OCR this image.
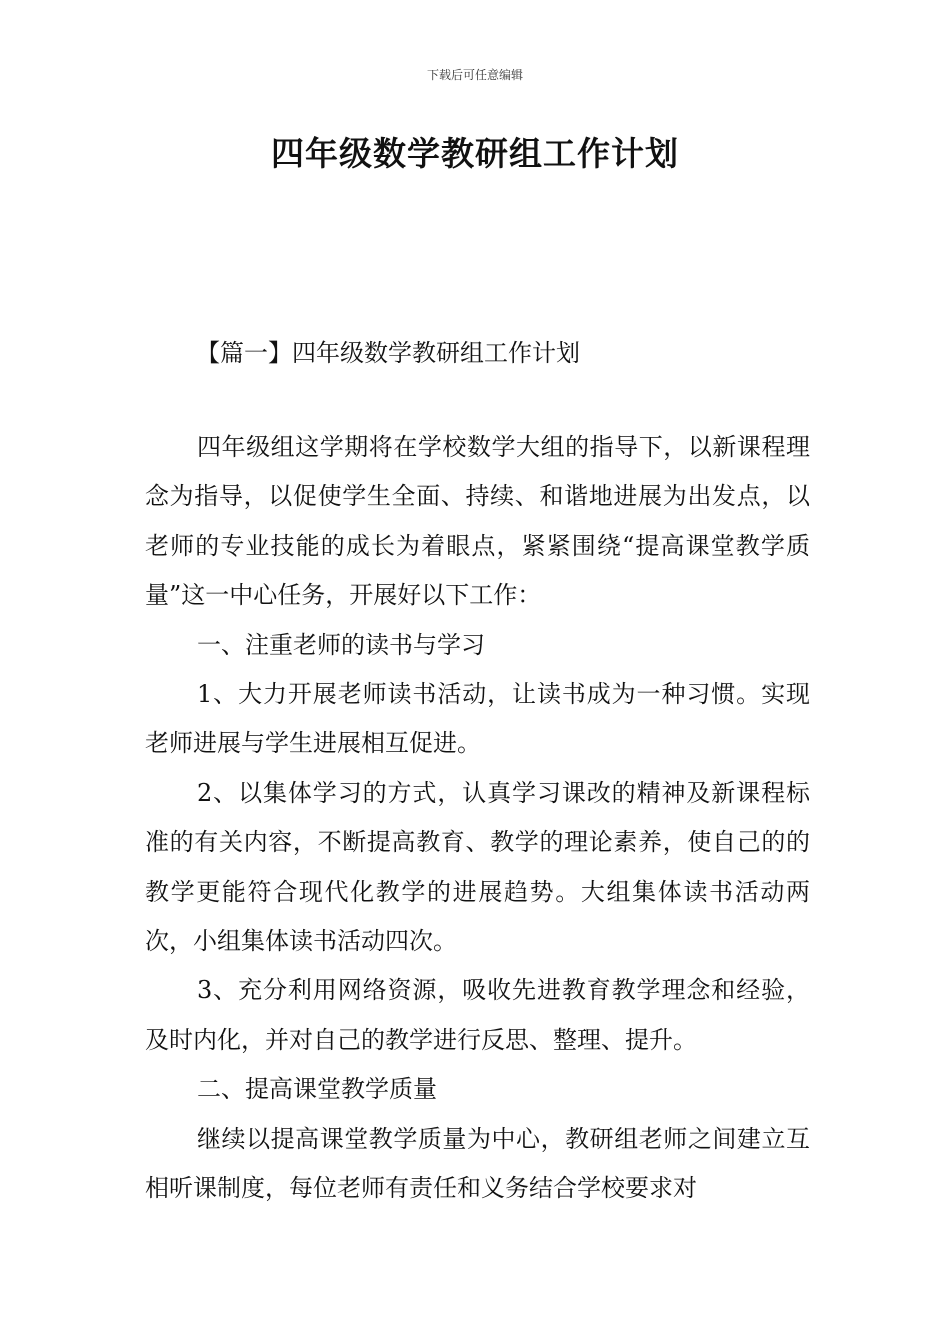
下载后可任意编辑
四年级数学教研组工作计划
【篇一】四年级数学教研组工作计划

四年级组这学期将在学校数学大组的指导下，以新课程理念为指导，以促使学生全面、持续、和谐地进展为出发点，以老师的专业技能的成长为着眼点，紧紧围绕“提高课堂教学质量”这一中心任务，开展好以下工作：

一、注重老师的读书与学习

1、大力开展老师读书活动，让读书成为一种习惯。实现老师进展与学生进展相互促进。

2、以集体学习的方式，认真学习课改的精神及新课程标准的有关内容，不断提高教育、教学的理论素养，使自己的的教学更能符合现代化教学的进展趋势。大组集体读书活动两次，小组集体读书活动四次。

3、充分利用网络资源，吸收先进教育教学理念和经验，及时内化，并对自己的教学进行反思、整理、提升。

二、提高课堂教学质量

继续以提高课堂教学质量为中心，教研组老师之间建立互相听课制度，每位老师有责任和义务结合学校要求对
